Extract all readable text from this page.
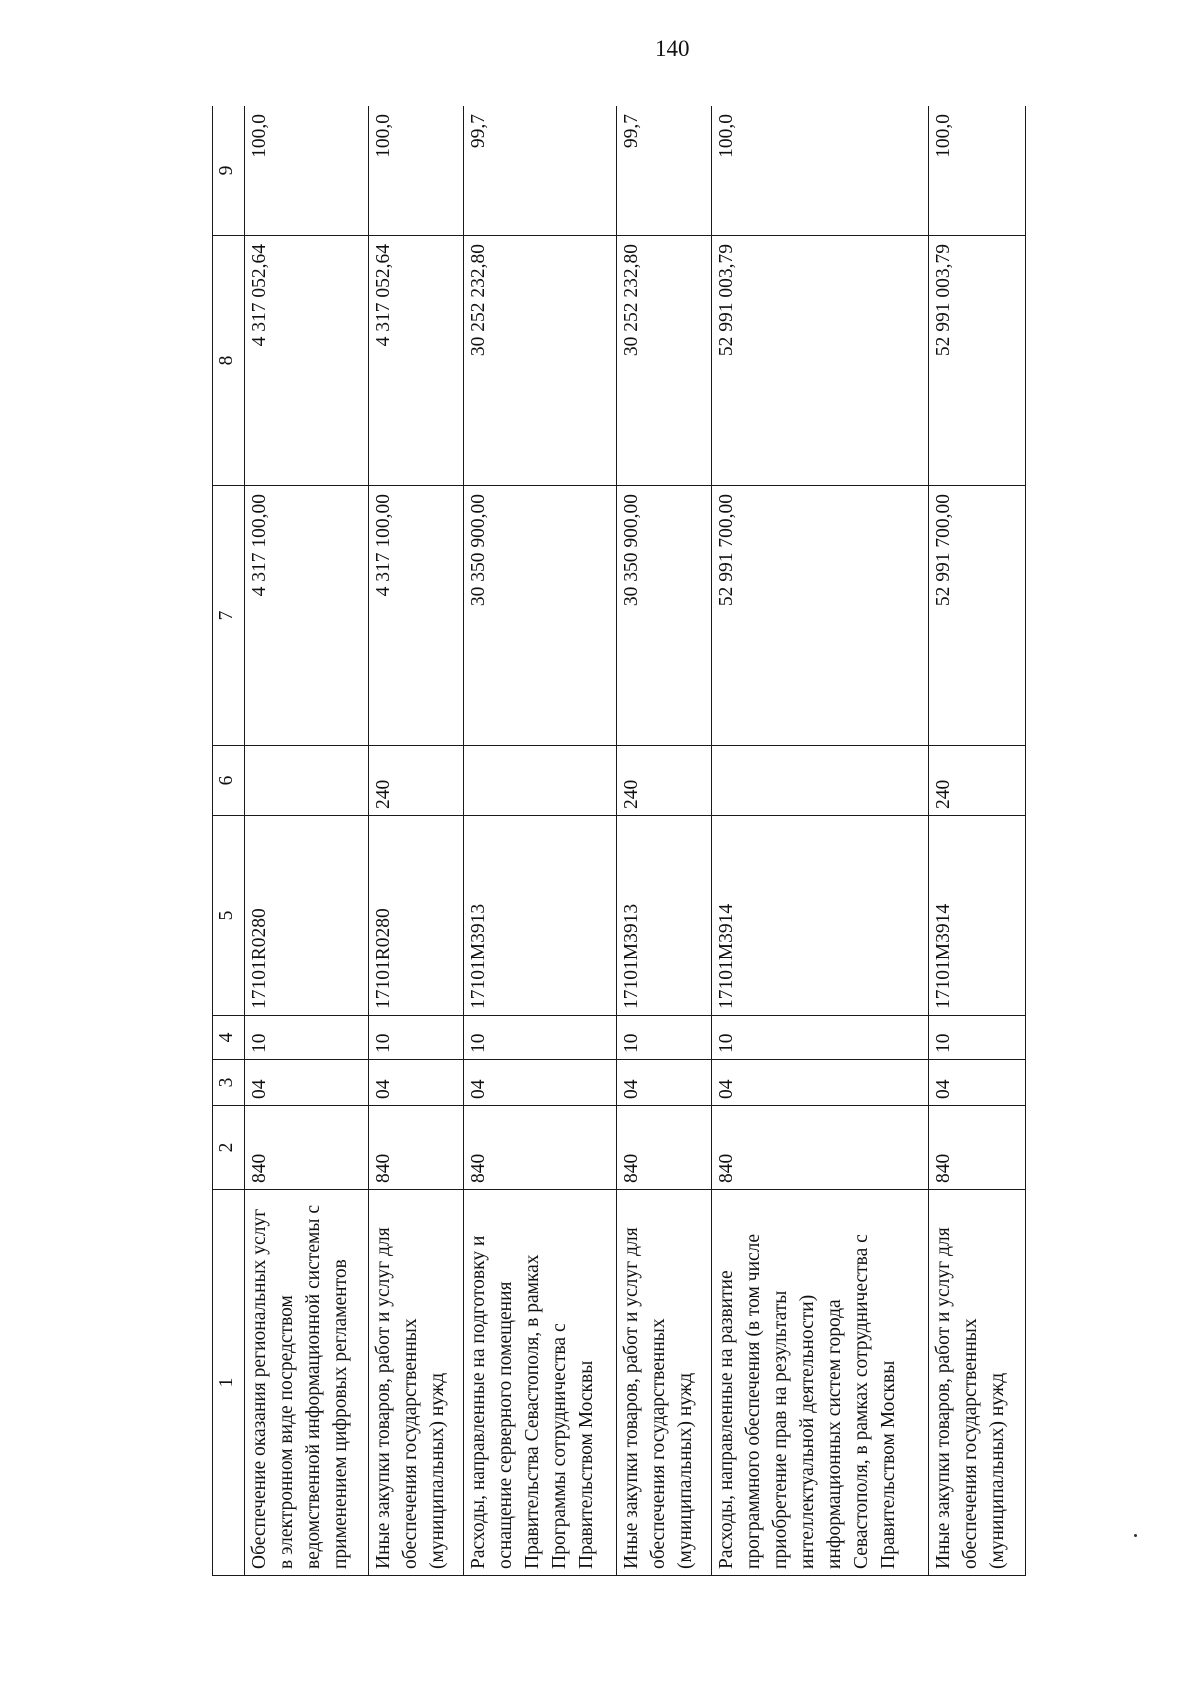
140
1	2	3	4	5	6	7	8	9
Обеспечение оказания региональных услуг в электронном виде посредством ведомственной информационной системы с применением цифровых регламентов	840	04	10	17101R0280		4 317 100,00	4 317 052,64	100,0
Иные закупки товаров, работ и услуг для обеспечения государственных (муниципальных) нужд	840	04	10	17101R0280	240	4 317 100,00	4 317 052,64	100,0
Расходы, направленные на подготовку и оснащение серверного помещения Правительства Севастополя, в рамках Программы сотрудничества с Правительством Москвы	840	04	10	17101M3913		30 350 900,00	30 252 232,80	99,7
Иные закупки товаров, работ и услуг для обеспечения государственных (муниципальных) нужд	840	04	10	17101M3913	240	30 350 900,00	30 252 232,80	99,7
Расходы, направленные на развитие программного обеспечения (в том числе приобретение прав на результаты интеллектуальной деятельности) информационных систем города Севастополя, в рамках сотрудничества с Правительством Москвы	840	04	10	17101M3914		52 991 700,00	52 991 003,79	100,0
Иные закупки товаров, работ и услуг для обеспечения государственных (муниципальных) нужд	840	04	10	17101M3914	240	52 991 700,00	52 991 003,79	100,0
